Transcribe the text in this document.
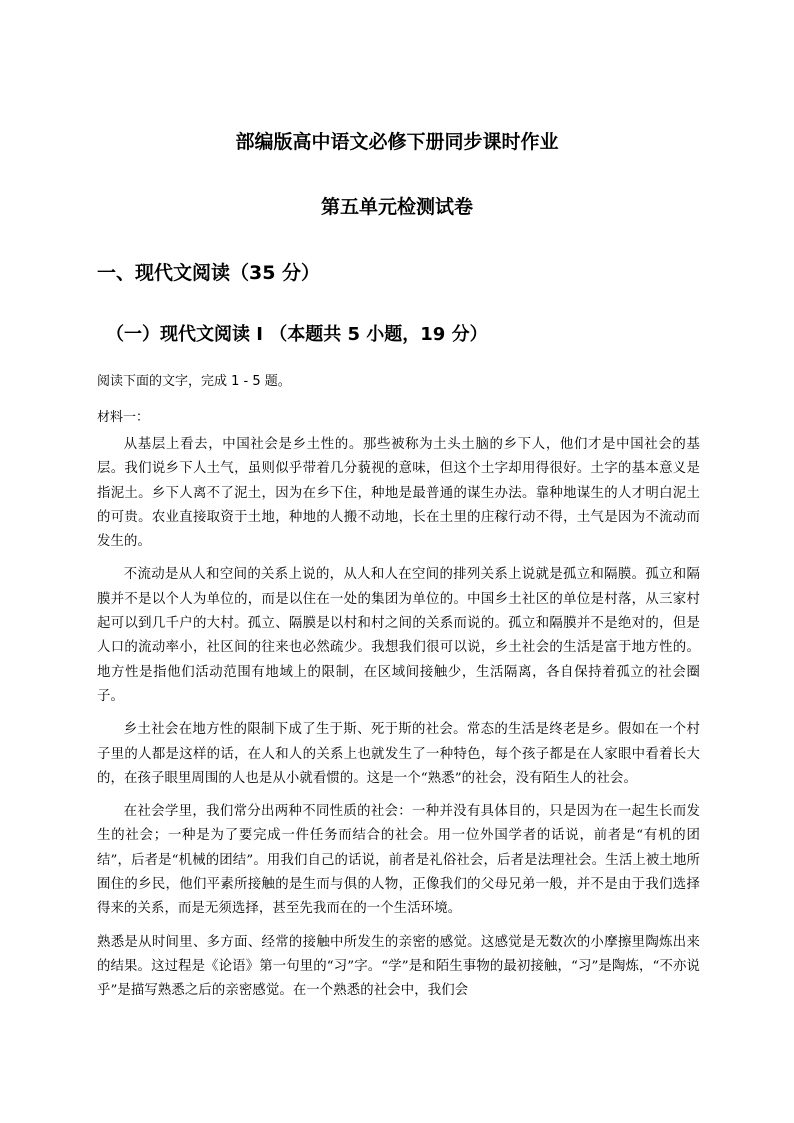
部编版高中语文必修下册同步课时作业
第五单元检测试卷
一、现代文阅读（35 分）
（一）现代文阅读 Ⅰ （本题共 5 小题，19 分）
阅读下面的文字，完成 1 - 5 题。
材料一：

从基层上看去，中国社会是乡土性的。那些被称为土头土脑的乡下人，他们才是中国社会的基层。我们说乡下人土气，虽则似乎带着几分藐视的意味，但这个土字却用得很好。土字的基本意义是指泥土。乡下人离不了泥土，因为在乡下住，种地是最普通的谋生办法。靠种地谋生的人才明白泥土的可贵。农业直接取资于土地，种地的人搬不动地，长在土里的庄稼行动不得，土气是因为不流动而发生的。

不流动是从人和空间的关系上说的，从人和人在空间的排列关系上说就是孤立和隔膜。孤立和隔膜并不是以个人为单位的，而是以住在一处的集团为单位的。中国乡土社区的单位是村落，从三家村起可以到几千户的大村。孤立、隔膜是以村和村之间的关系而说的。孤立和隔膜并不是绝对的，但是人口的流动率小，社区间的往来也必然疏少。我想我们很可以说，乡土社会的生活是富于地方性的。地方性是指他们活动范围有地域上的限制，在区域间接触少，生活隔离，各自保持着孤立的社会圈子。

乡土社会在地方性的限制下成了生于斯、死于斯的社会。常态的生活是终老是乡。假如在一个村子里的人都是这样的话，在人和人的关系上也就发生了一种特色，每个孩子都是在人家眼中看着长大的，在孩子眼里周围的人也是从小就看惯的。这是一个“熟悉”的社会，没有陌生人的社会。

在社会学里，我们常分出两种不同性质的社会：一种并没有具体目的，只是因为在一起生长而发生的社会；一种是为了要完成一件任务而结合的社会。用一位外国学者的话说，前者是“有机的团结”，后者是“机械的团结”。用我们自己的话说，前者是礼俗社会，后者是法理社会。生活上被土地所囿住的乡民，他们平素所接触的是生而与俱的人物，正像我们的父母兄弟一般，并不是由于我们选择得来的关系，而是无须选择，甚至先我而在的一个生活环境。

熟悉是从时间里、多方面、经常的接触中所发生的亲密的感觉。这感觉是无数次的小摩擦里陶炼出来的结果。这过程是《论语》第一句里的“习”字。“学”是和陌生事物的最初接触，“习”是陶炼，“不亦说乎”是描写熟悉之后的亲密感觉。在一个熟悉的社会中，我们会
